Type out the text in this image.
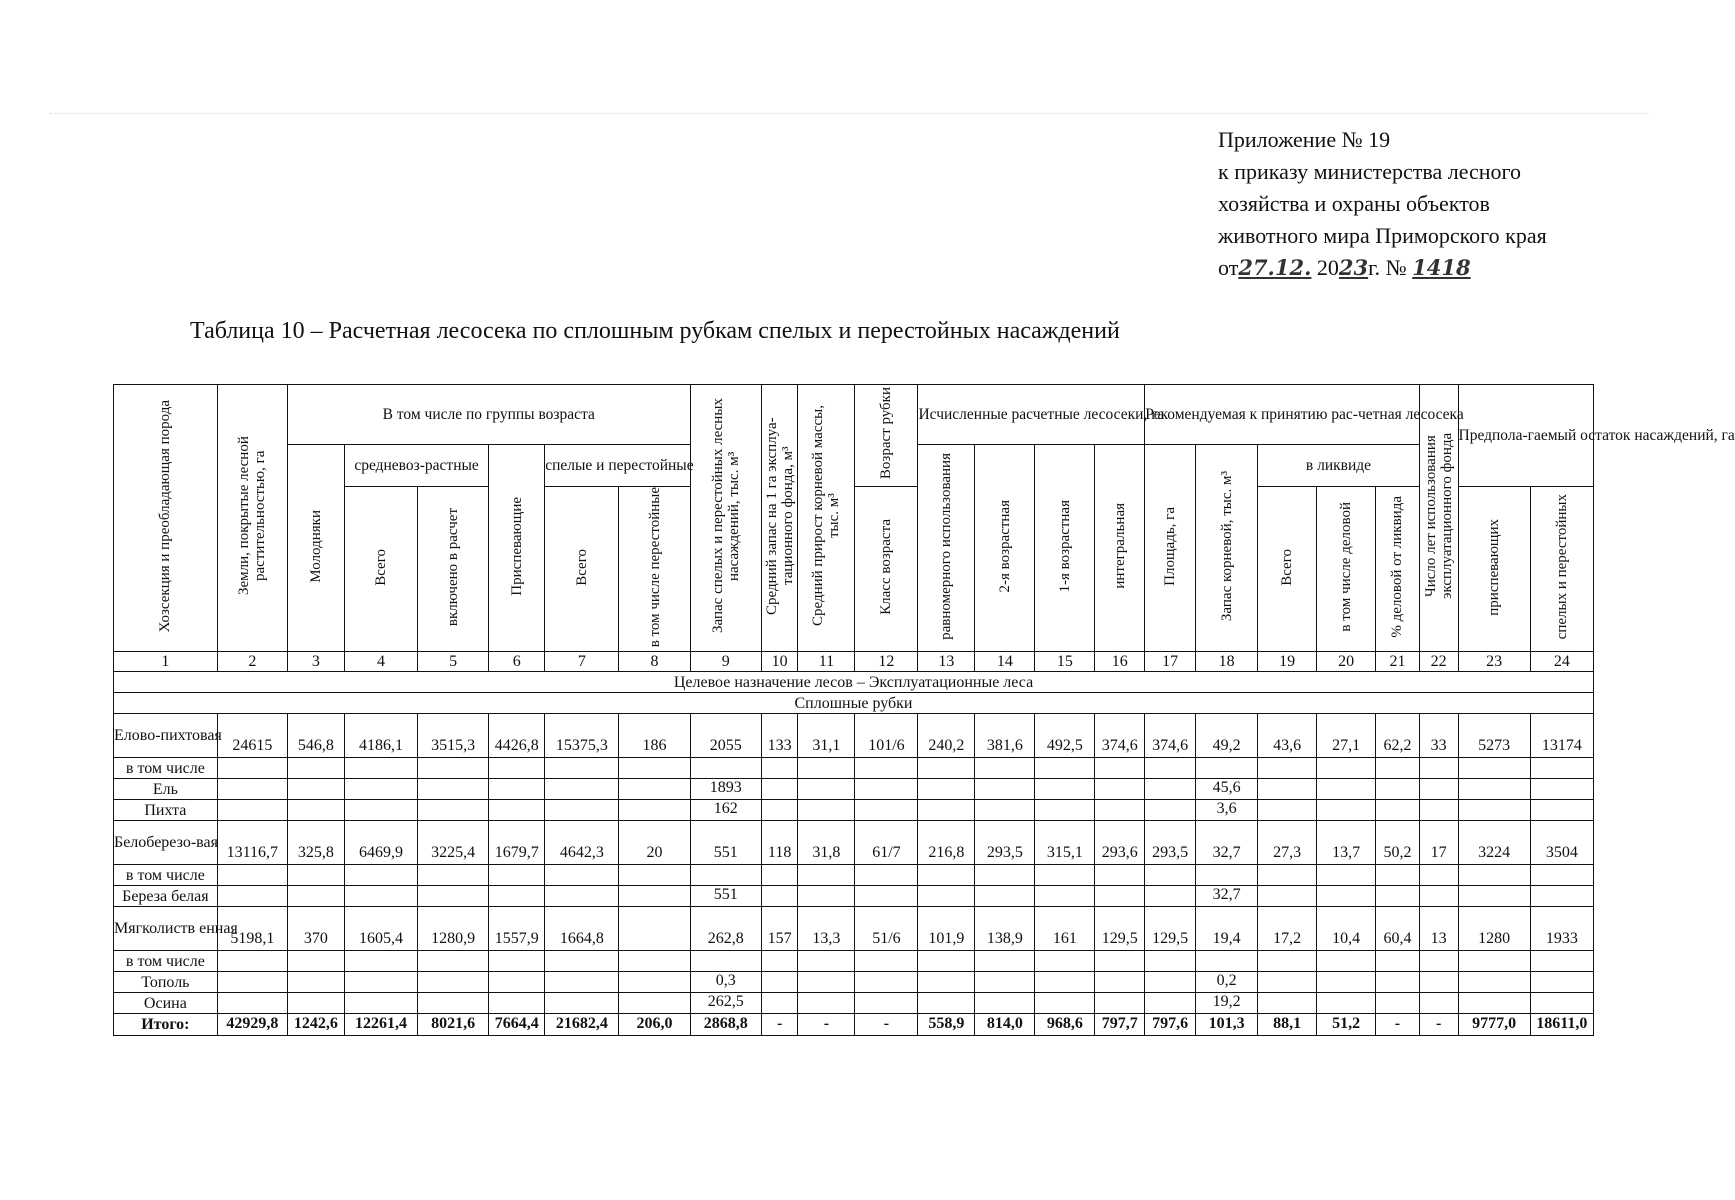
Приложение № 19
к приказу министерства лесного
хозяйства и охраны объектов
животного мира Приморского края
от27.12. 2023г. № 1418
Таблица 10 – Расчетная лесосека по сплошным рубкам спелых и перестойных насаждений
Хозсекция и преобладающая порода	Земли, покрытые лесной растительностью, га	В том числе по группы возраста						Запас спелых и перестойных лесных насаждений, тыс. м³	Средний запас на 1 га эксплуа-тационного фонда, м³	Средний прирост корневой массы, тыс. м³	Возраст рубки	Исчисленные расчетные лесосеки, га				Рекомендуемая к принятию рас-четная лесосека					Число лет использования эксплуатационного фонда	Предпола-гаемый остаток насаждений, га	
		Молодняки	средневоз-растные		Приспевающие	спелые и перестойные						равномерного использования	2-я возрастная	1-я возрастная	интегральная	Площадь, га	Запас корневой, тыс. м³	в ликвиде					
			Всего	включено в расчет		Всего	в том числе перестойные				Класс возраста							Всего	в том числе деловой	% деловой от ликвида		приспевающих	спелых и перестойных
1	2	3	4	5	6	7	8	9	10	11	12	13	14	15	16	17	18	19	20	21	22	23	24
Целевое назначение лесов – Эксплуатационные леса																							
Сплошные рубки																							
Елово-пихтовая	24615	546,8	4186,1	3515,3	4426,8	15375,3	186	2055	133	31,1	101/6	240,2	381,6	492,5	374,6	374,6	49,2	43,6	27,1	62,2	33	5273	13174
в том числе																							
Ель								1893									45,6						
Пихта								162									3,6						
Белоберезо-вая	13116,7	325,8	6469,9	3225,4	1679,7	4642,3	20	551	118	31,8	61/7	216,8	293,5	315,1	293,6	293,5	32,7	27,3	13,7	50,2	17	3224	3504
в том числе																							
Береза белая								551									32,7						
Мягколиств енная	5198,1	370	1605,4	1280,9	1557,9	1664,8		262,8	157	13,3	51/6	101,9	138,9	161	129,5	129,5	19,4	17,2	10,4	60,4	13	1280	1933
в том числе																							
Тополь								0,3									0,2						
Осина								262,5									19,2						
Итого:	42929,8	1242,6	12261,4	8021,6	7664,4	21682,4	206,0	2868,8	-	-	-	558,9	814,0	968,6	797,7	797,6	101,3	88,1	51,2	-	-	9777,0	18611,0
